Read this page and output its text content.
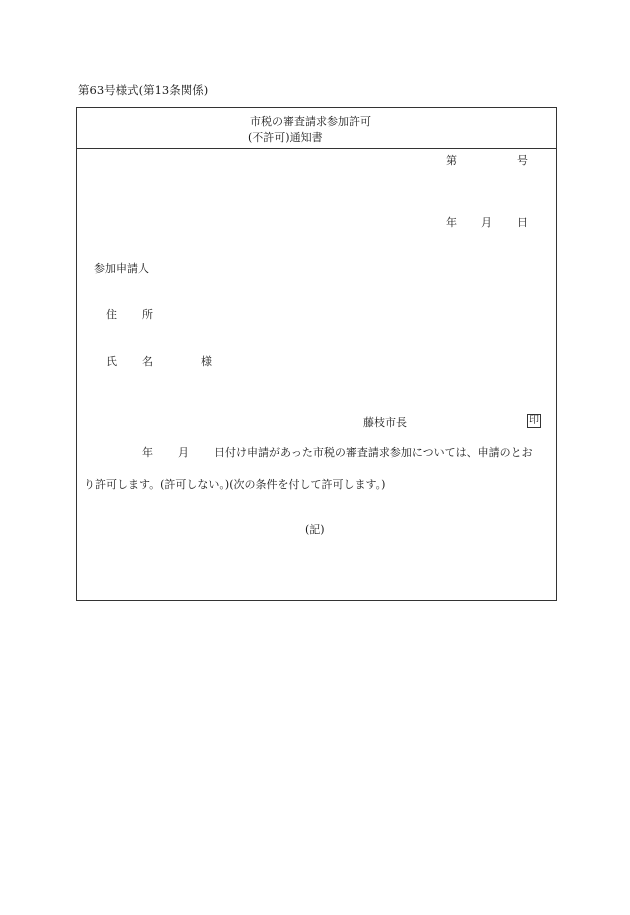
第63号様式(第13条関係)
市税の審査請求参加許可
(不許可)通知書
第	号
年 月 日
参加申請人
住 所
氏 名	様
藤枝市長	印
年 月 日付け申請があった市税の審査請求参加については、申請のとお
り許可します。(許可しない。)(次の条件を付して許可します。)
(記)
